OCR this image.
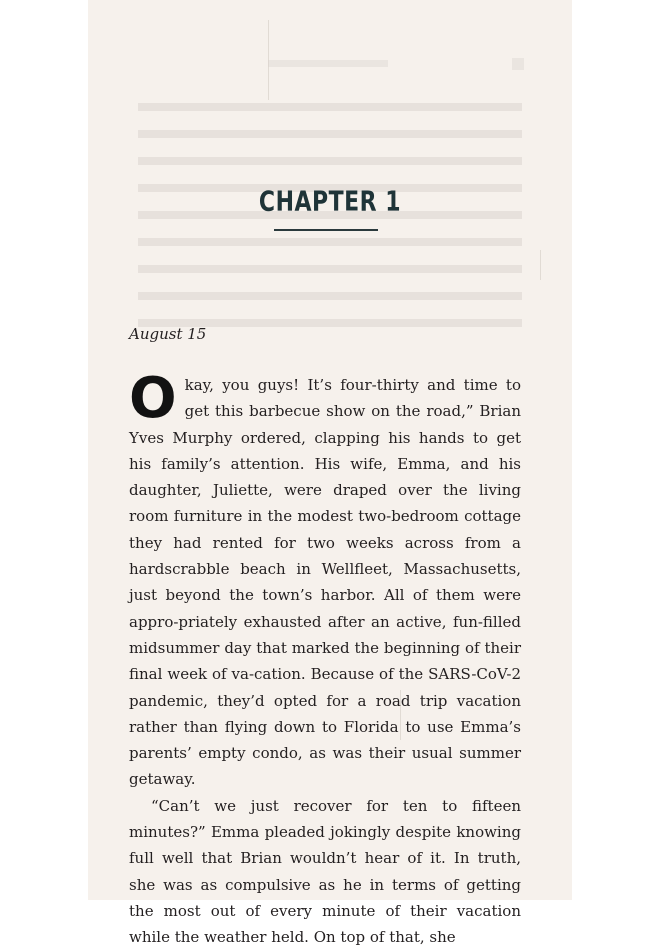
CHAPTER 1
August 15

Okay, you guys! It’s four-thirty and time to get this barbecue show on the road,” Brian Yves Murphy ordered, clapping his hands to get his family’s attention. His wife, Emma, and his daughter, Juliette, were draped over the living room furniture in the modest two-bedroom cottage they had rented for two weeks across from a hardscrabble beach in Wellfleet, Massachusetts, just beyond the town’s harbor. All of them were appro-priately exhausted after an active, fun-filled midsummer day that marked the beginning of their final week of va-cation. Because of the SARS-CoV-2 pandemic, they’d opted for a road trip vacation rather than flying down to Florida to use Emma’s parents’ empty condo, as was their usual summer getaway.

“Can’t we just recover for ten to fifteen minutes?” Emma pleaded jokingly despite knowing full well that Brian wouldn’t hear of it. In truth, she was as compulsive as he in terms of getting the most out of every minute of their vacation while the weather held. On top of that, she
